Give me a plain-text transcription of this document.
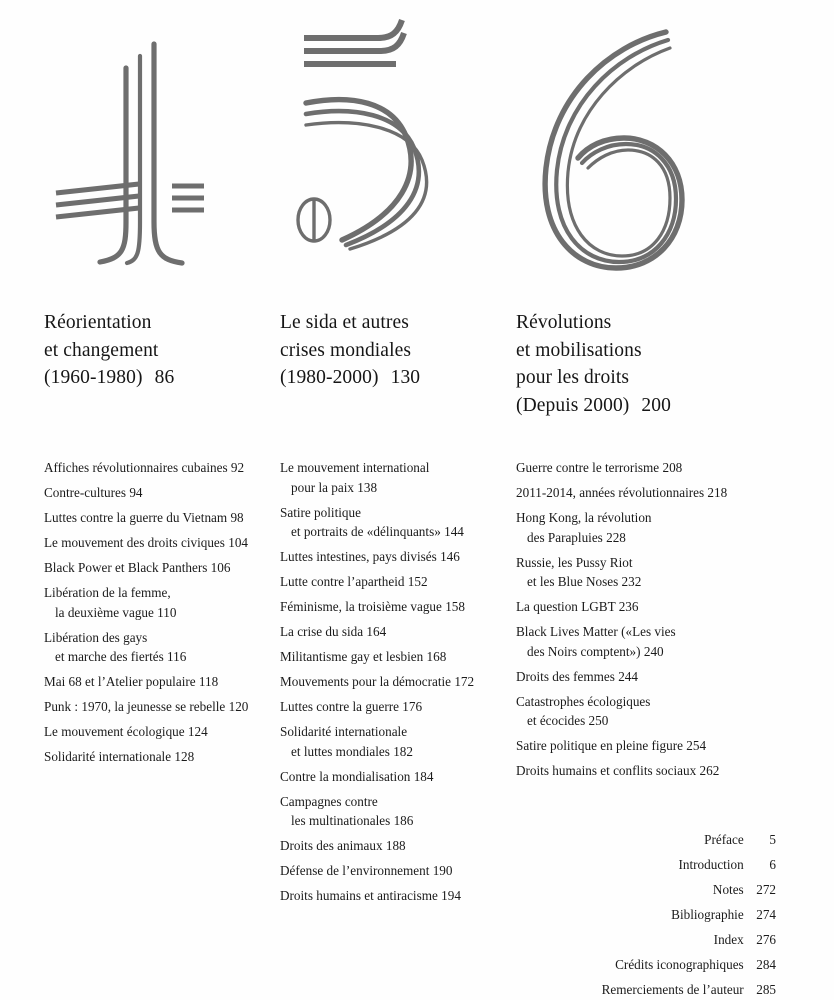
Réorientation
et changement
(1960-1980) 86
Affiches révolutionnaires cubaines 92
Contre-cultures 94
Luttes contre la guerre du Vietnam 98
Le mouvement des droits civiques 104
Black Power et Black Panthers 106
Libération de la femme,
la deuxième vague 110
Libération des gays
et marche des fiertés 116
Mai 68 et l’Atelier populaire 118
Punk : 1970, la jeunesse se rebelle 120
Le mouvement écologique 124
Solidarité internationale 128
Le sida et autres
crises mondiales
(1980-2000) 130
Le mouvement international
pour la paix 138
Satire politique
et portraits de «délinquants» 144
Luttes intestines, pays divisés 146
Lutte contre l’apartheid 152
Féminisme, la troisième vague 158
La crise du sida 164
Militantisme gay et lesbien 168
Mouvements pour la démocratie 172
Luttes contre la guerre 176
Solidarité internationale
et luttes mondiales 182
Contre la mondialisation 184
Campagnes contre
les multinationales 186
Droits des animaux 188
Défense de l’environnement 190
Droits humains et antiracisme 194
Révolutions
et mobilisations
pour les droits
(Depuis 2000) 200
Guerre contre le terrorisme 208
2011-2014, années révolutionnaires 218
Hong Kong, la révolution
des Parapluies 228
Russie, les Pussy Riot
et les Blue Noses 232
La question LGBT 236
Black Lives Matter («Les vies
des Noirs comptent») 240
Droits des femmes 244
Catastrophes écologiques
et écocides 250
Satire politique en pleine figure 254
Droits humains et conflits sociaux 262
Préface 5
Introduction 6
Notes 272
Bibliographie 274
Index 276
Crédits iconographiques 284
Remerciements de l’auteur 285
